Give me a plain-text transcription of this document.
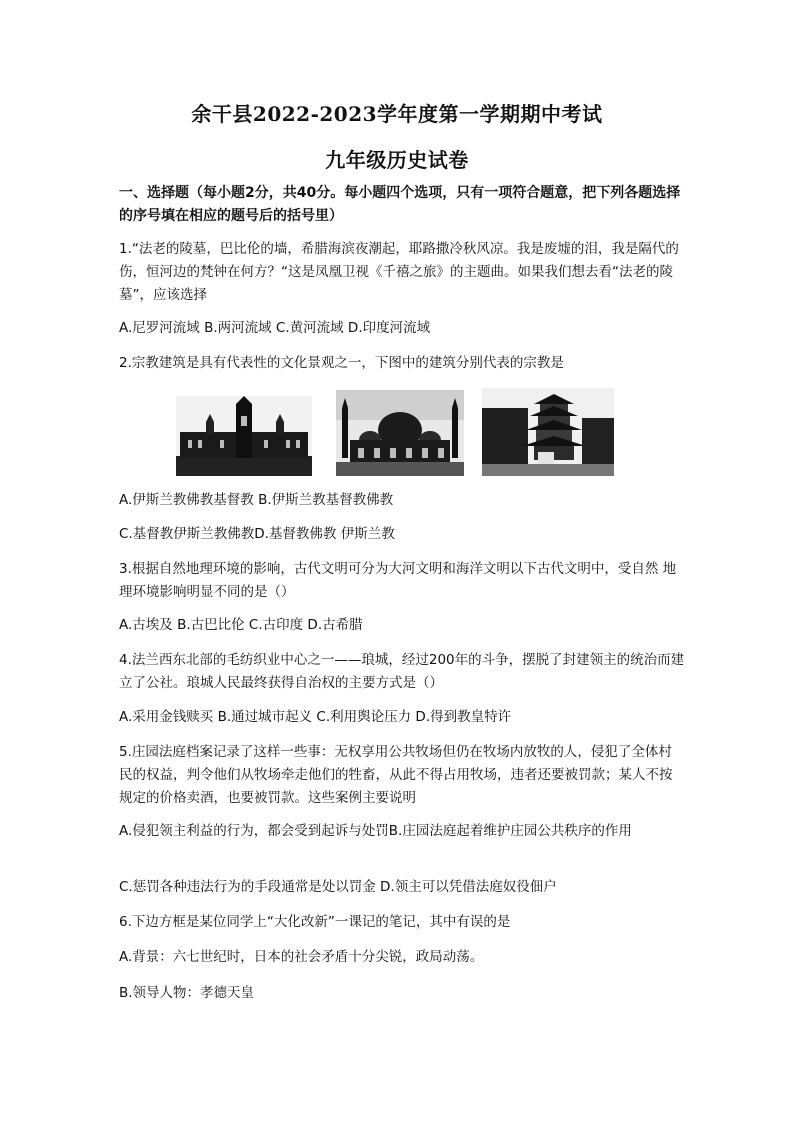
余干县2022-2023学年度第一学期期中考试
九年级历史试卷
一、选择题（每小题2分，共40分。每小题四个选项，只有一项符合题意，把下列各题选择的序号填在相应的题号后的括号里）
1.“法老的陵墓，巴比伦的墙，希腊海滨夜潮起，耶路撒冷秋风凉。我是废墟的泪，我是隔代的伤，恒河边的梵钟在何方？“这是凤凰卫视《千禧之旅》的主题曲。如果我们想去看“法老的陵墓”，应该选择
A.尼罗河流域 B.两河流域 C.黄河流域 D.印度河流域
2.宗教建筑是具有代表性的文化景观之一，下图中的建筑分别代表的宗教是
A.伊斯兰教佛教基督教 B.伊斯兰教基督教佛教
C.基督教伊斯兰教佛教D.基督教佛教 伊斯兰教
3.根据自然地理环境的影响，古代文明可分为大河文明和海洋文明以下古代文明中，受自然 地理环境影响明显不同的是（）
A.古埃及 B.古巴比伦 C.古印度 D.古希腊
4.法兰西东北部的毛纺织业中心之一——琅城，经过200年的斗争，摆脱了封建领主的统治而建立了公社。琅城人民最终获得自治权的主要方式是（）
A.采用金钱赎买 B.通过城市起义 C.利用舆论压力 D.得到教皇特许
5.庄园法庭档案记录了这样一些事：无权享用公共牧场但仍在牧场内放牧的人，侵犯了全体村民的权益，判令他们从牧场牵走他们的牲畜，从此不得占用牧场，违者还要被罚款；某人不按规定的价格卖酒，也要被罚款。这些案例主要说明
A.侵犯领主利益的行为，都会受到起诉与处罚B.庄园法庭起着维护庄园公共秩序的作用
C.惩罚各种违法行为的手段通常是处以罚金 D.领主可以凭借法庭奴役佃户
6.下边方框是某位同学上“大化改新”一课记的笔记，其中有误的是
A.背景：六七世纪时，日本的社会矛盾十分尖锐，政局动荡。
B.领导人物：孝德天皇
